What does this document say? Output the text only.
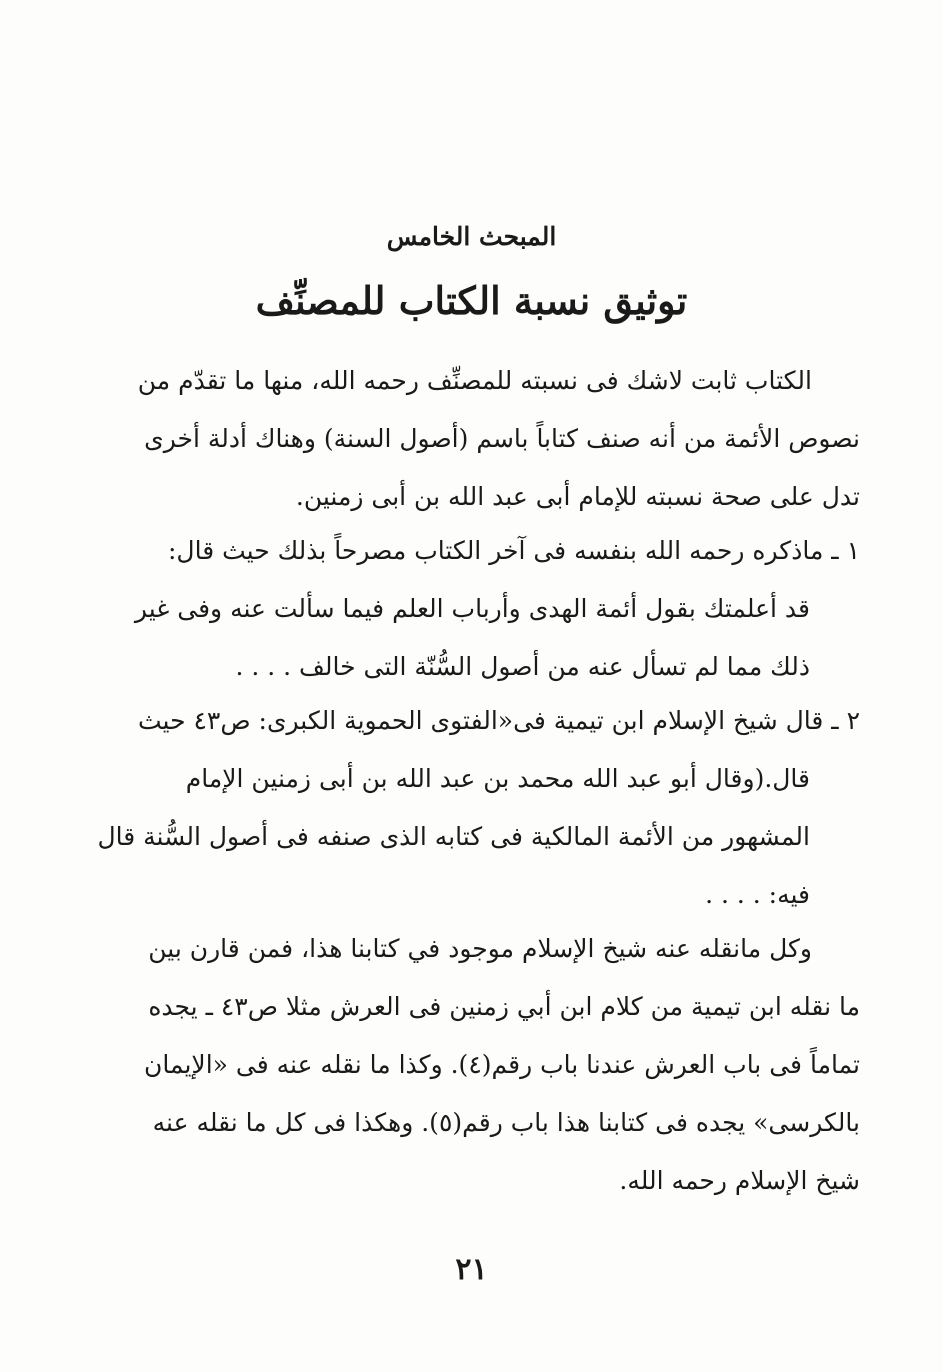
المبحث الخامس
توثيق نسبة الكتاب للمصنِّف
الكتاب ثابت لاشك فى نسبته للمصنِّف رحمه الله، منها ما تقدّم من
نصوص الأئمة من أنه صنف كتاباً باسم (أصول السنة) وهناك أدلة أخرى
تدل على صحة نسبته للإمام أبى عبد الله بن أبى زمنين.
١ ـ ماذكره رحمه الله بنفسه فى آخر الكتاب مصرحاً بذلك حيث قال:
قد أعلمتك بقول أئمة الهدى وأرباب العلم فيما سألت عنه وفى غير
ذلك مما لم تسأل عنه من أصول السُّنّة التى خالف . . . .
٢ ـ قال شيخ الإسلام ابن تيمية فى«الفتوى الحموية الكبرى: ص٤٣ حيث
قال.(وقال أبو عبد الله محمد بن عبد الله بن أبى زمنين الإمام
المشهور من الأئمة المالكية فى كتابه الذى صنفه فى أصول السُّنة قال
فيه: . . . .
وكل مانقله عنه شيخ الإسلام موجود في كتابنا هذا، فمن قارن بين
ما نقله ابن تيمية من كلام ابن أبي زمنين فى العرش مثلا ص٤٣ ـ يجده
تماماً فى باب العرش عندنا باب رقم(٤). وكذا ما نقله عنه فى «الإيمان
بالكرسى» يجده فى كتابنا هذا باب رقم(٥). وهكذا فى كل ما نقله عنه
شيخ الإسلام رحمه الله.
٢١
